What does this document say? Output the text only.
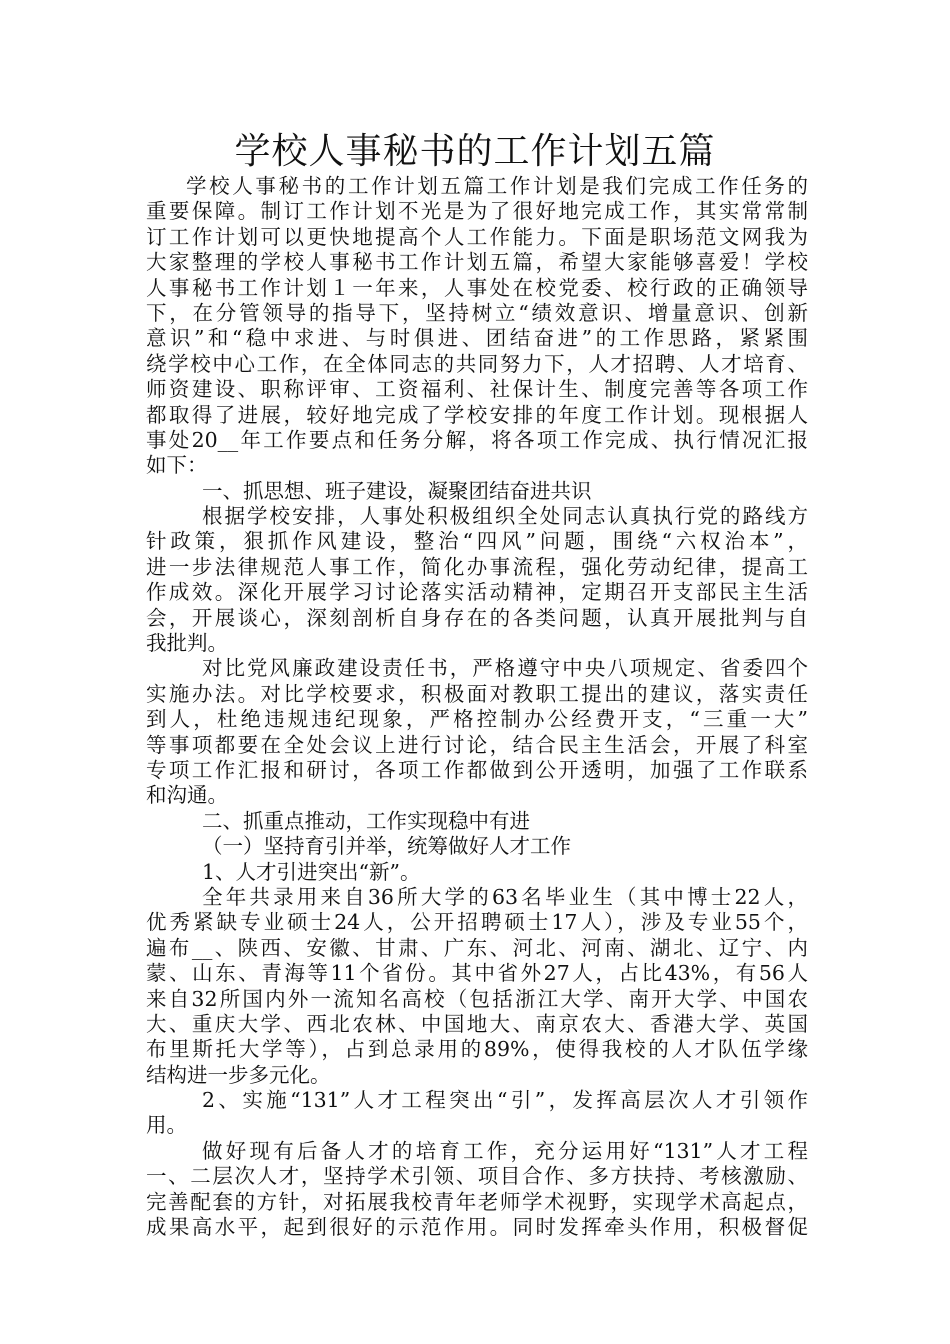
学校人事秘书的工作计划五篇
学校人事秘书的工作计划五篇工作计划是我们完成工作任务的
重要保障。制订工作计划不光是为了很好地完成工作，其实常常制
订工作计划可以更快地提高个人工作能力。下面是职场范文网我为
大家整理的学校人事秘书工作计划五篇，希望大家能够喜爱！学校
人事秘书工作计划１一年来，人事处在校党委、校行政的正确领导
下，在分管领导的指导下，坚持树立“绩效意识、增量意识、创新
意识”和“稳中求进、与时俱进、团结奋进”的工作思路，紧紧围
绕学校中心工作，在全体同志的共同努力下，人才招聘、人才培育、
师资建设、职称评审、工资福利、社保计生、制度完善等各项工作
都取得了进展，较好地完成了学校安排的年度工作计划。现根据人
事处20__年工作要点和任务分解，将各项工作完成、执行情况汇报
如下：
一、抓思想、班子建设，凝聚团结奋进共识
根据学校安排，人事处积极组织全处同志认真执行党的路线方
针政策，狠抓作风建设，整治“四风”问题，围绕“六权治本”，
进一步法律规范人事工作，简化办事流程，强化劳动纪律，提高工
作成效。深化开展学习讨论落实活动精神，定期召开支部民主生活
会，开展谈心，深刻剖析自身存在的各类问题，认真开展批判与自
我批判。
对比党风廉政建设责任书，严格遵守中央八项规定、省委四个
实施办法。对比学校要求，积极面对教职工提出的建议，落实责任
到人，杜绝违规违纪现象，严格控制办公经费开支，“三重一大”
等事项都要在全处会议上进行讨论，结合民主生活会，开展了科室
专项工作汇报和研讨，各项工作都做到公开透明，加强了工作联系
和沟通。
二、抓重点推动，工作实现稳中有进
（一）坚持育引并举，统筹做好人才工作
1、人才引进突出“新”。
全年共录用来自36所大学的63名毕业生（其中博士22人，
优秀紧缺专业硕士24人，公开招聘硕士17人），涉及专业55个，
遍布__、陕西、安徽、甘肃、广东、河北、河南、湖北、辽宁、内
蒙、山东、青海等11个省份。其中省外27人，占比43%，有56人
来自32所国内外一流知名高校（包括浙江大学、南开大学、中国农
大、重庆大学、西北农林、中国地大、南京农大、香港大学、英国
布里斯托大学等），占到总录用的89%，使得我校的人才队伍学缘
结构进一步多元化。
2、实施“131”人才工程突出“引”，发挥高层次人才引领作
用。
做好现有后备人才的培育工作，充分运用好“131”人才工程
一、二层次人才，坚持学术引领、项目合作、多方扶持、考核激励、
完善配套的方针，对拓展我校青年老师学术视野，实现学术高起点，
成果高水平，起到很好的示范作用。同时发挥牵头作用，积极督促
